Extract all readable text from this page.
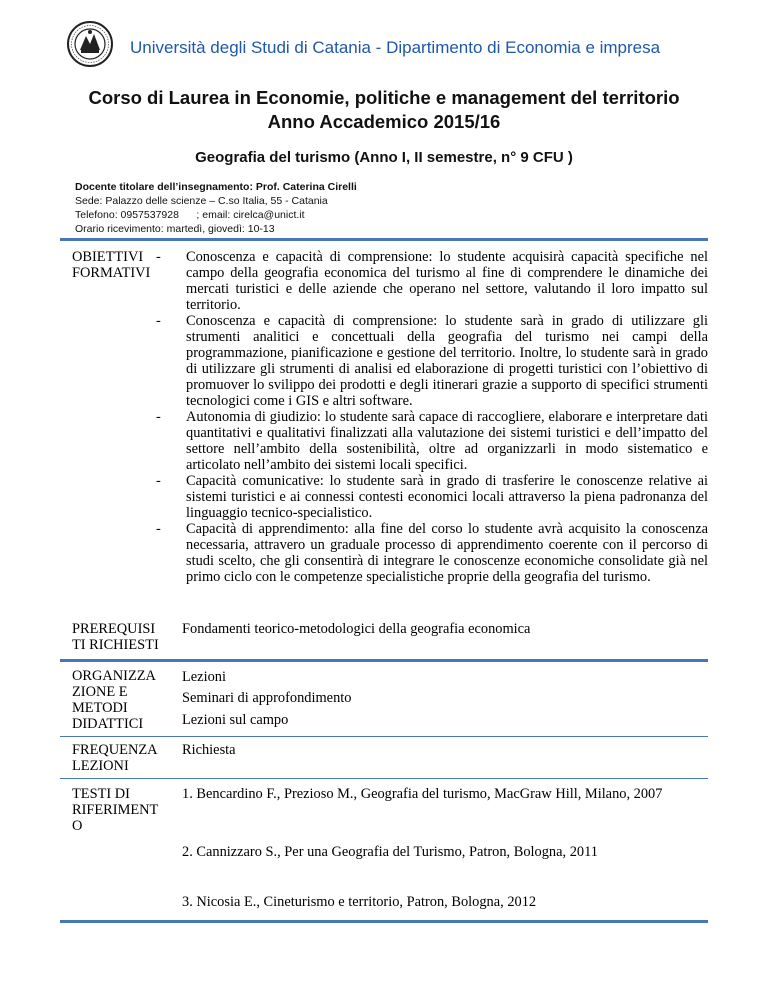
Università degli Studi di Catania - Dipartimento di Economia e impresa
Corso di Laurea in Economie, politiche e management del territorio
Anno Accademico 2015/16
Geografia del turismo (Anno I, II semestre, n° 9 CFU )
Docente titolare dell’insegnamento: Prof. Caterina Cirelli
Sede: Palazzo delle scienze – C.so Italia, 55 - Catania
Telefono: 0957537928      ; email: cirelca@unict.it
Orario ricevimento: martedì, giovedì: 10-13
OBIETTIVI FORMATIVI
- Conoscenza e capacità di comprensione: lo studente acquisirà capacità specifiche nel campo della geografia economica del turismo al fine di comprendere le dinamiche dei mercati turistici e delle aziende che operano nel settore, valutando il loro impatto sul territorio.
- Conoscenza e capacità di comprensione: lo studente sarà in grado di utilizzare gli strumenti analitici e concettuali della geografia del turismo nei campi della programmazione, pianificazione e gestione del territorio. Inoltre, lo studente sarà in grado di utilizzare gli strumenti di analisi ed elaborazione di progetti turistici con l’obiettivo di promuover lo svilippo dei prodotti e degli itinerari grazie a supporto di specifici strumenti tecnologici come i GIS e altri software.
- Autonomia di giudizio: lo studente sarà capace di raccogliere, elaborare e interpretare dati quantitativi e qualitativi finalizzati alla valutazione dei sistemi turistici e dell’impatto del settore nell’ambito della sostenibilità, oltre ad organizzarli in modo sistematico e articolato nell’ambito dei sistemi locali specifici.
- Capacità comunicative: lo studente sarà in grado di trasferire le conoscenze relative ai sistemi turistici e ai connessi contesti economici locali attraverso la piena padronanza del linguaggio tecnico-specialistico.
- Capacità di apprendimento: alla fine del corso lo studente avrà acquisito la conoscenza necessaria, attravero un graduale processo di apprendimento coerente con il percorso di studi scelto, che gli consentirà di integrare le conoscenze economiche consolidate già nel primo ciclo con le competenze specialistiche proprie della geografia del turismo.
PREREQUISI
TI RICHIESTI
Fondamenti teorico-metodologici della geografia economica
ORGANIZZA ZIONE E METODI DIDATTICI
Lezioni
Seminari di approfondimento
Lezioni sul campo
FREQUENZA LEZIONI
Richiesta
TESTI DI RIFERIMENT O
1. Bencardino F., Prezioso M., Geografia del turismo, MacGraw Hill, Milano, 2007
2. Cannizzaro S., Per una Geografia del Turismo, Patron, Bologna, 2011
3. Nicosia E., Cineturismo e territorio, Patron, Bologna, 2012
